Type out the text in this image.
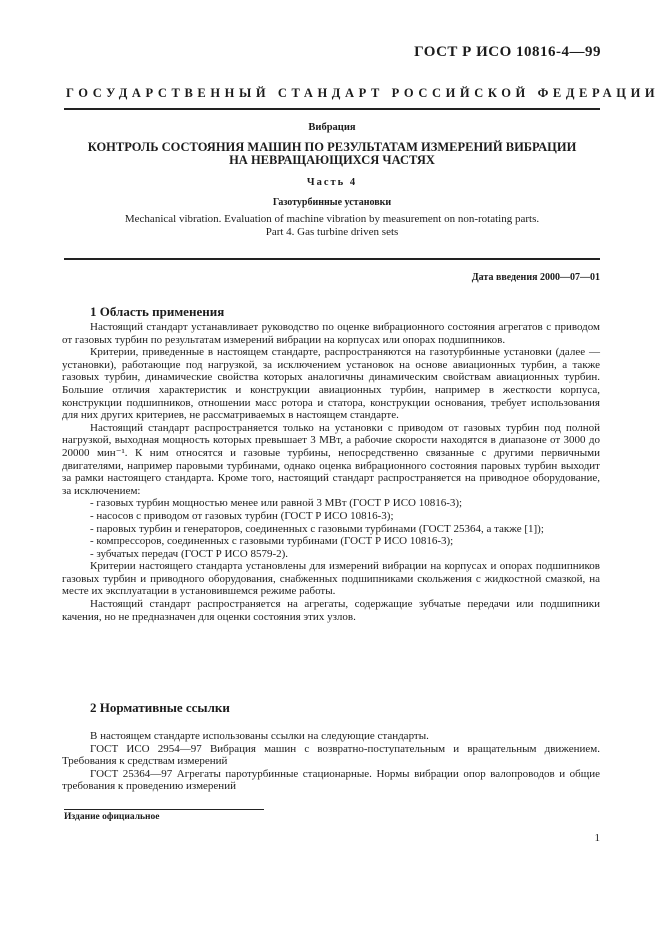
ГОСТ Р ИСО 10816-4—99
ГОСУДАРСТВЕННЫЙ СТАНДАРТ РОССИЙСКОЙ ФЕДЕРАЦИИ
Вибрация
КОНТРОЛЬ СОСТОЯНИЯ МАШИН ПО РЕЗУЛЬТАТАМ ИЗМЕРЕНИЙ ВИБРАЦИИ
НА НЕВРАЩАЮЩИХСЯ ЧАСТЯХ
Часть 4
Газотурбинные установки
Mechanical vibration. Evaluation of machine vibration by measurement on non-rotating parts.
Part 4. Gas turbine driven sets
Дата введения 2000—07—01
1 Область применения

Настоящий стандарт устанавливает руководство по оценке вибрационного состояния агрегатов с приводом от газовых турбин по результатам измерений вибрации на корпусах или опорах подшипников.

Критерии, приведенные в настоящем стандарте, распространяются на газотурбинные установки (далее — установки), работающие под нагрузкой, за исключением установок на основе авиационных турбин, а также газовых турбин, динамические свойства которых аналогичны динамическим свойствам авиационных турбин. Большие отличия характеристик и конструкции авиационных турбин, например в жесткости корпуса, конструкции подшипников, отношении масс ротора и статора, конструкции основания, требует использования для них других критериев, не рассматриваемых в настоящем стандарте.

Настоящий стандарт распространяется только на установки с приводом от газовых турбин под полной нагрузкой, выходная мощность которых превышает 3 МВт, а рабочие скорости находятся в диапазоне от 3000 до 20000 мин⁻¹. К ним относятся и газовые турбины, непосредственно связанные с другими первичными двигателями, например паровыми турбинами, однако оценка вибрационного состояния паровых турбин выходит за рамки настоящего стандарта. Кроме того, настоящий стандарт распространяется на приводное оборудование, за исключением:

- газовых турбин мощностью менее или равной 3 МВт (ГОСТ Р ИСО 10816-3);

- насосов с приводом от газовых турбин (ГОСТ Р ИСО 10816-3);

- паровых турбин и генераторов, соединенных с газовыми турбинами (ГОСТ 25364, а также [1]);

- компрессоров, соединенных с газовыми турбинами (ГОСТ Р ИСО 10816-3);

- зубчатых передач (ГОСТ Р ИСО 8579-2).

Критерии настоящего стандарта установлены для измерений вибрации на корпусах и опорах подшипников газовых турбин и приводного оборудования, снабженных подшипниками скольжения с жидкостной смазкой, на месте их эксплуатации в установившемся режиме работы.

Настоящий стандарт распространяется на агрегаты, содержащие зубчатые передачи или подшипники качения, но не предназначен для оценки состояния этих узлов.

2 Нормативные ссылки

В настоящем стандарте использованы ссылки на следующие стандарты.

ГОСТ ИСО 2954—97 Вибрация машин с возвратно-поступательным и вращательным движением. Требования к средствам измерений

ГОСТ 25364—97 Агрегаты паротурбинные стационарные. Нормы вибрации опор валопроводов и общие требования к проведению измерений

Издание официальное
1
